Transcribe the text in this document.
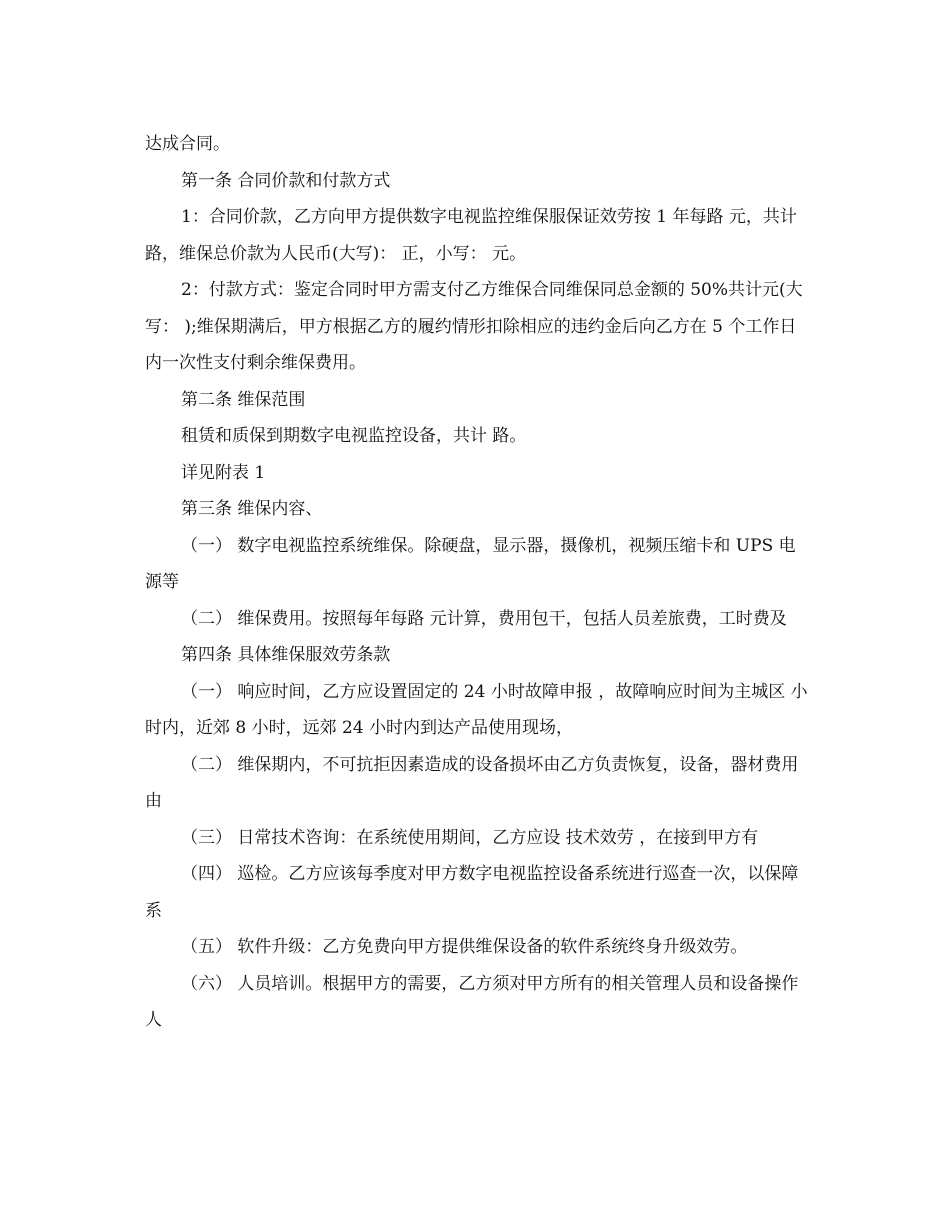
达成合同。

第一条 合同价款和付款方式

1：合同价款，乙方向甲方提供数字电视监控维保服保证效劳按 1 年每路 元，共计 路，维保总价款为人民币(大写)： 正，小写： 元。

2：付款方式：鉴定合同时甲方需支付乙方维保合同维保同总金额的 50%共计元(大写： );维保期满后，甲方根据乙方的履约情形扣除相应的违约金后向乙方在 5 个工作日内一次性支付剩余维保费用。

第二条 维保范围

租赁和质保到期数字电视监控设备，共计 路。

详见附表 1

第三条 维保内容、

（一） 数字电视监控系统维保。除硬盘，显示器，摄像机，视频压缩卡和 UPS 电源等

（二） 维保费用。按照每年每路 元计算，费用包干，包括人员差旅费，工时费及

第四条 具体维保服效劳条款

（一） 响应时间，乙方应设置固定的 24 小时故障申报 ，故障响应时间为主城区 小时内，近郊 8 小时，远郊 24 小时内到达产品使用现场，

（二） 维保期内，不可抗拒因素造成的设备损坏由乙方负责恢复，设备，器材费用由

（三） 日常技术咨询：在系统使用期间，乙方应设 技术效劳 ，在接到甲方有

（四） 巡检。乙方应该每季度对甲方数字电视监控设备系统进行巡查一次，以保障系

（五） 软件升级：乙方免费向甲方提供维保设备的软件系统终身升级效劳。

（六） 人员培训。根据甲方的需要，乙方须对甲方所有的相关管理人员和设备操作人
